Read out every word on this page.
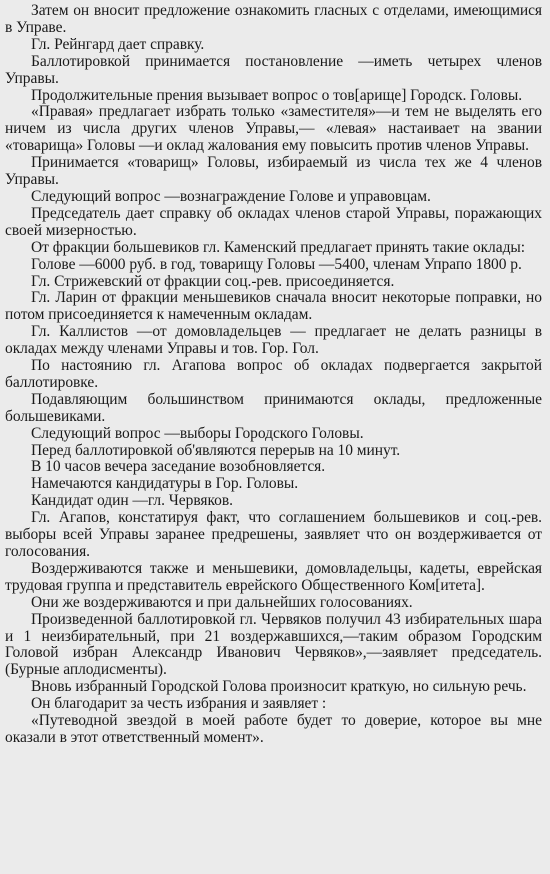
Затем он вносит предложение ознакомить гласных с отделами, имеющимися в Управе.

Гл. Рейнгард дает справку.

Баллотировкой принимается постановление —иметь четырех членов Управы.

Продолжительные прения вызывает вопрос о тов[арище] Городск. Головы.

«Правая» предлагает избрать только «заместителя»—и тем не выделять его ничем из числа других членов Управы,— «левая» настаивает на звании «товарища» Головы —и оклад жалования ему повысить против членов Управы.

Принимается «товарищ» Головы, избираемый из числа тех же 4 членов Управы.

Следующий вопрос —вознаграждение Голове и управовцам.

Председатель дает справку об окладах членов старой Управы, поражающих своей мизерностью.

От фракции большевиков гл. Каменский предлагает принять такие оклады:

Голове —6000 руб. в год, товарищу Головы —5400, членам Упрапо 1800 р.

Гл. Стрижевский от фракции соц.-рев. присоединяется.

Гл. Ларин от фракции меньшевиков сначала вносит некоторые поправки, но потом присоединяется к намеченным окладам.

Гл. Каллистов —от домовладельцев — предлагает не делать разницы в окладах между членами Управы и тов. Гор. Гол.

По настоянию гл. Агапова вопрос об окладах подвергается закрытой баллотировке.

Подавляющим большинством принимаются оклады, предложенные большевиками.

Следующий вопрос —выборы Городского Головы.

Перед баллотировкой об'являются перерыв на 10 минут.

В 10 часов вечера заседание возобновляется.

Намечаются кандидатуры в Гор. Головы.

Кандидат один —гл. Червяков.

Гл. Агапов, констатируя факт, что соглашением большевиков и соц.-рев. выборы всей Управы заранее предрешены, заявляет что он воздерживается от голосования.

Воздерживаются также и меньшевики, домовладельцы, кадеты, еврейская трудовая группа и представитель еврейского Общественного Ком[итета].

Они же воздерживаются и при дальнейших голосованиях.

Произведенной баллотировкой гл. Червяков получил 43 избирательных шара и 1 неизбирательный, при 21 воздержавшихся,—таким образом Городским Головой избран Александр Иванович Червяков»,—заявляет председатель. (Бурные аплодисменты).

Вновь избранный Городской Голова произносит краткую, но сильную речь.

Он благодарит за честь избрания и заявляет :

«Путеводной звездой в моей работе будет то доверие, которое вы мне оказали в этот ответственный момент».
